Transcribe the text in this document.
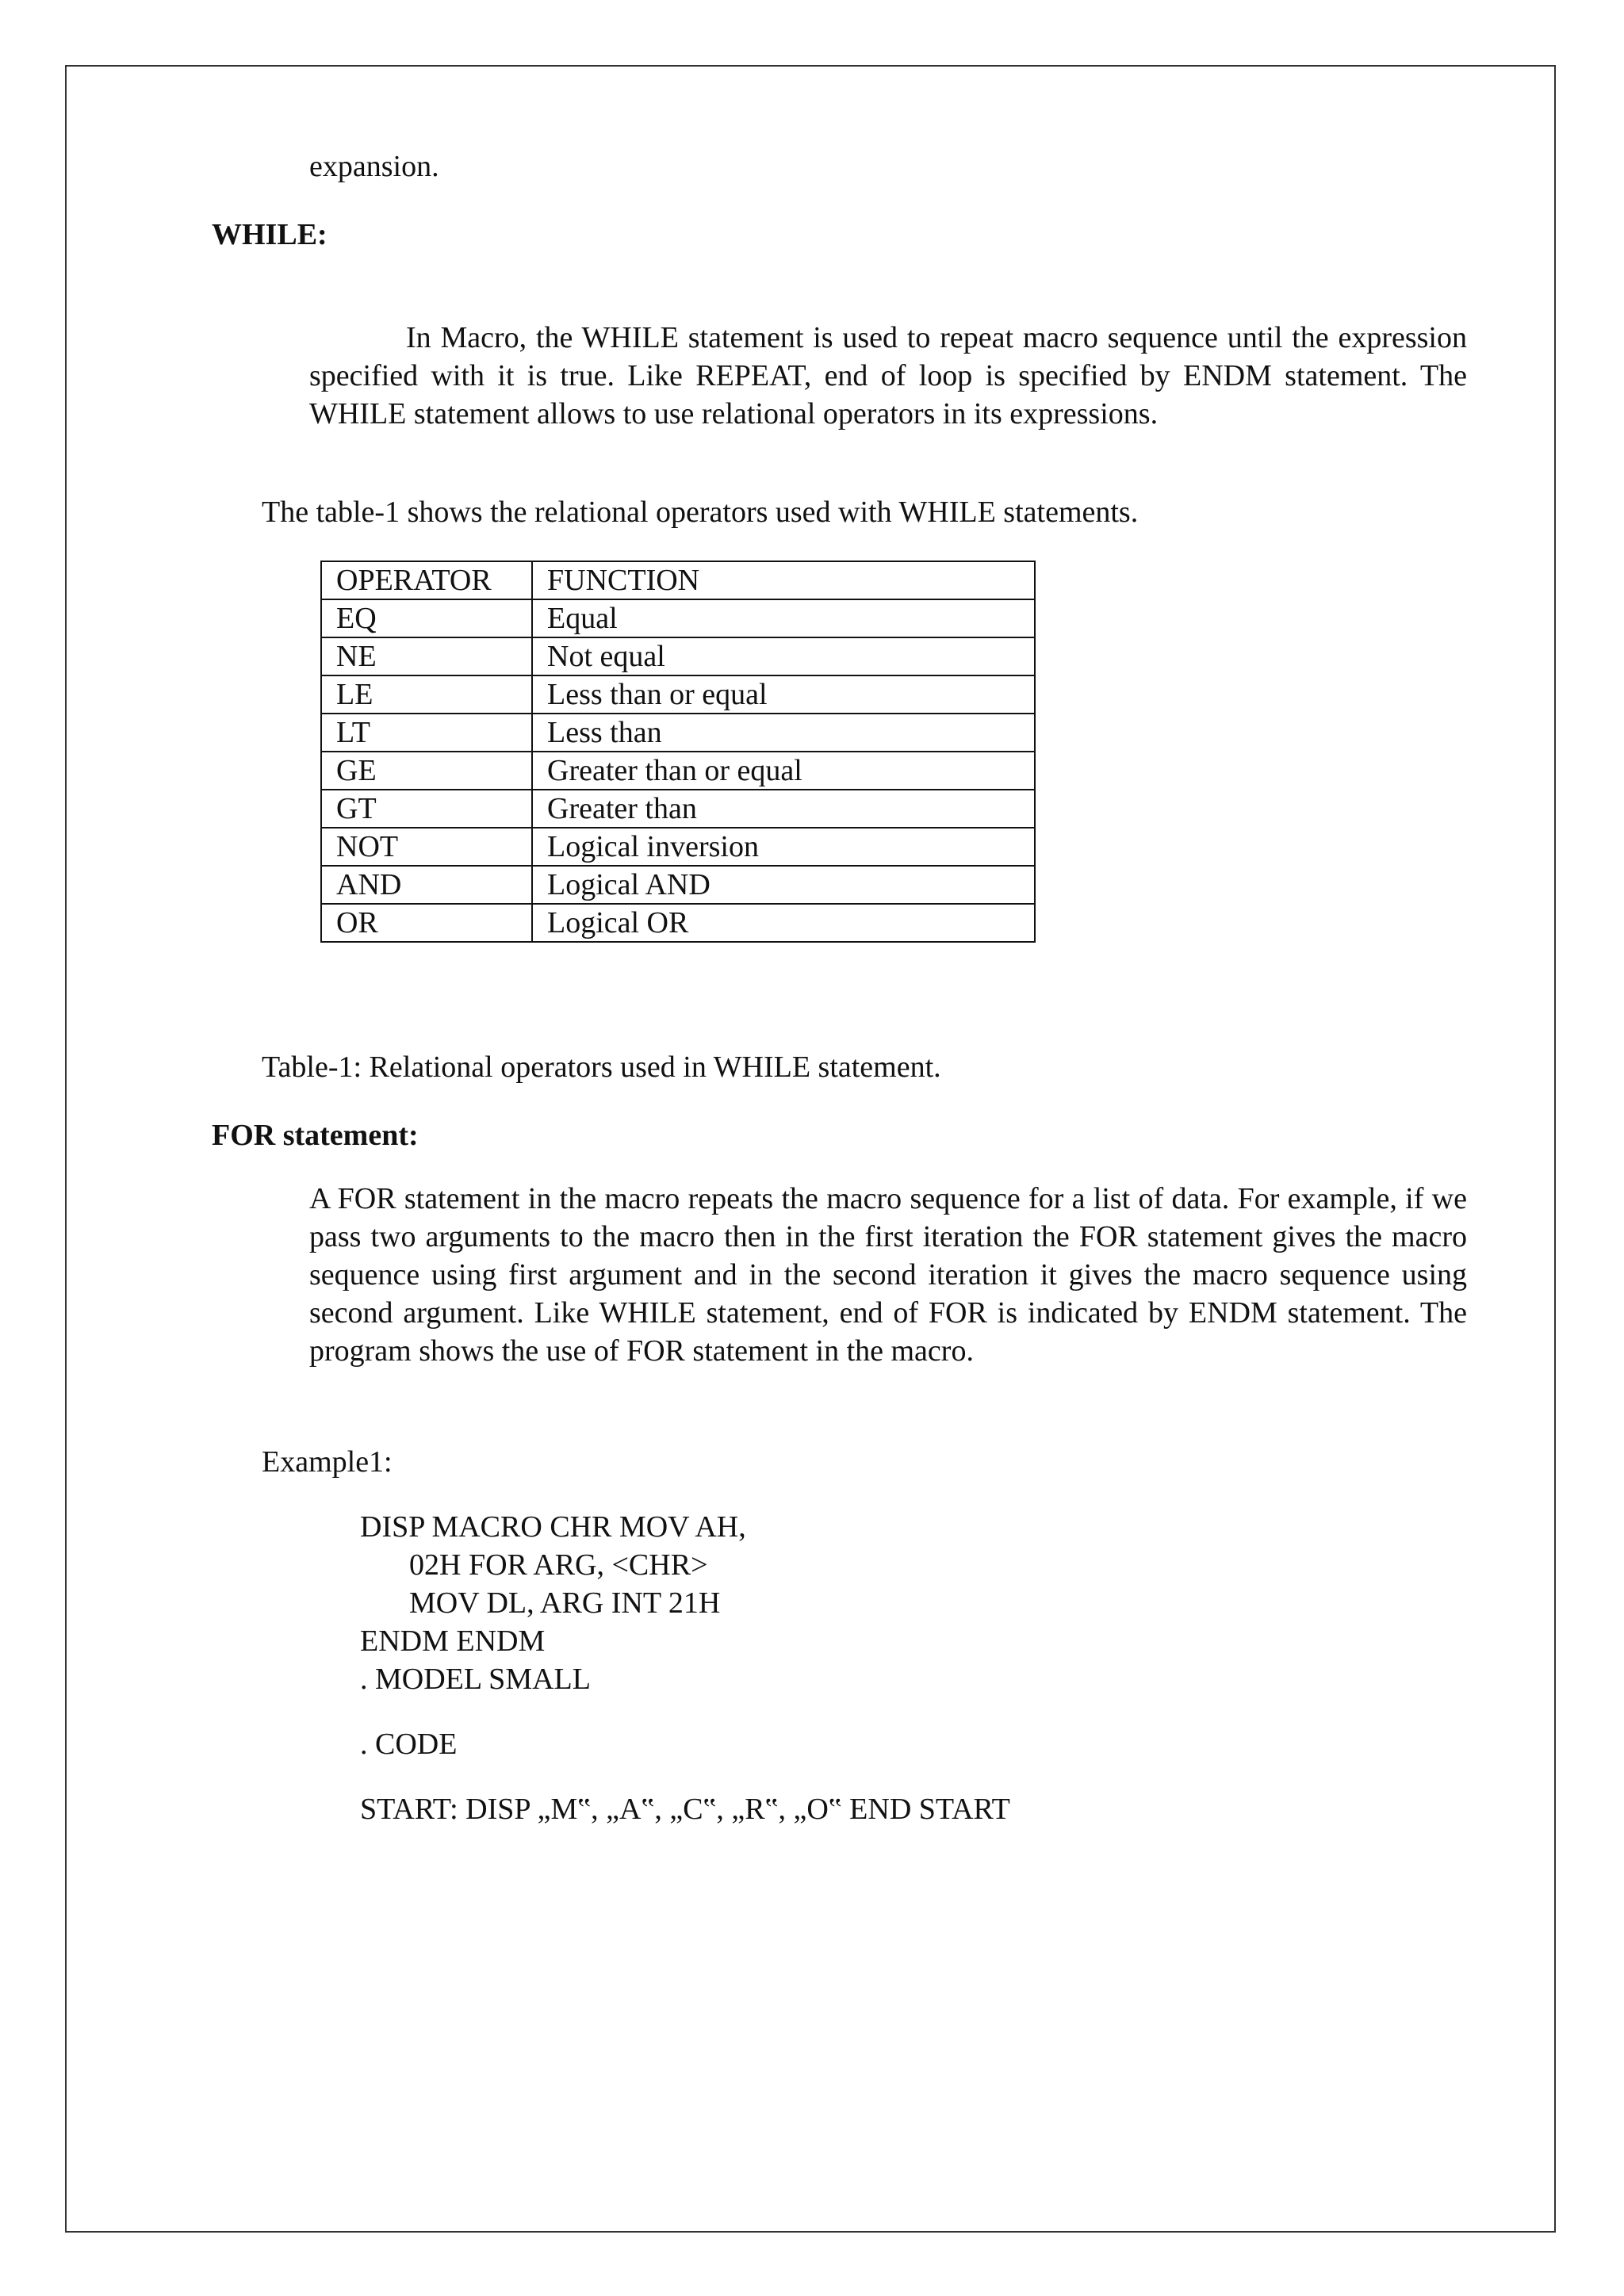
expansion.
WHILE:
In Macro, the WHILE statement is used to repeat macro sequence until the expression specified with it is true. Like REPEAT, end of loop is specified by ENDM statement. The WHILE statement allows to use relational operators in its expressions.
The table-1 shows the relational operators used with WHILE statements.
OPERATOR	FUNCTION
EQ	Equal
NE	Not equal
LE	Less than or equal
LT	Less than
GE	Greater than or equal
GT	Greater than
NOT	Logical inversion
AND	Logical AND
OR	Logical OR
Table-1: Relational operators used in WHILE statement.
FOR statement:
A FOR statement in the macro repeats the macro sequence for a list of data. For example, if we pass two arguments to the macro then in the first iteration the FOR statement gives the macro sequence using first argument and in the second iteration it gives the macro sequence using second argument. Like WHILE statement, end of FOR is indicated by ENDM statement. The program shows the use of FOR statement in the macro.
Example1:
DISP MACRO CHR MOV AH,
02H FOR ARG, <CHR>
MOV DL, ARG INT 21H
ENDM ENDM
. MODEL SMALL
. CODE
START: DISP „M‟, „A‟, „C‟, „R‟, „O‟ END START
